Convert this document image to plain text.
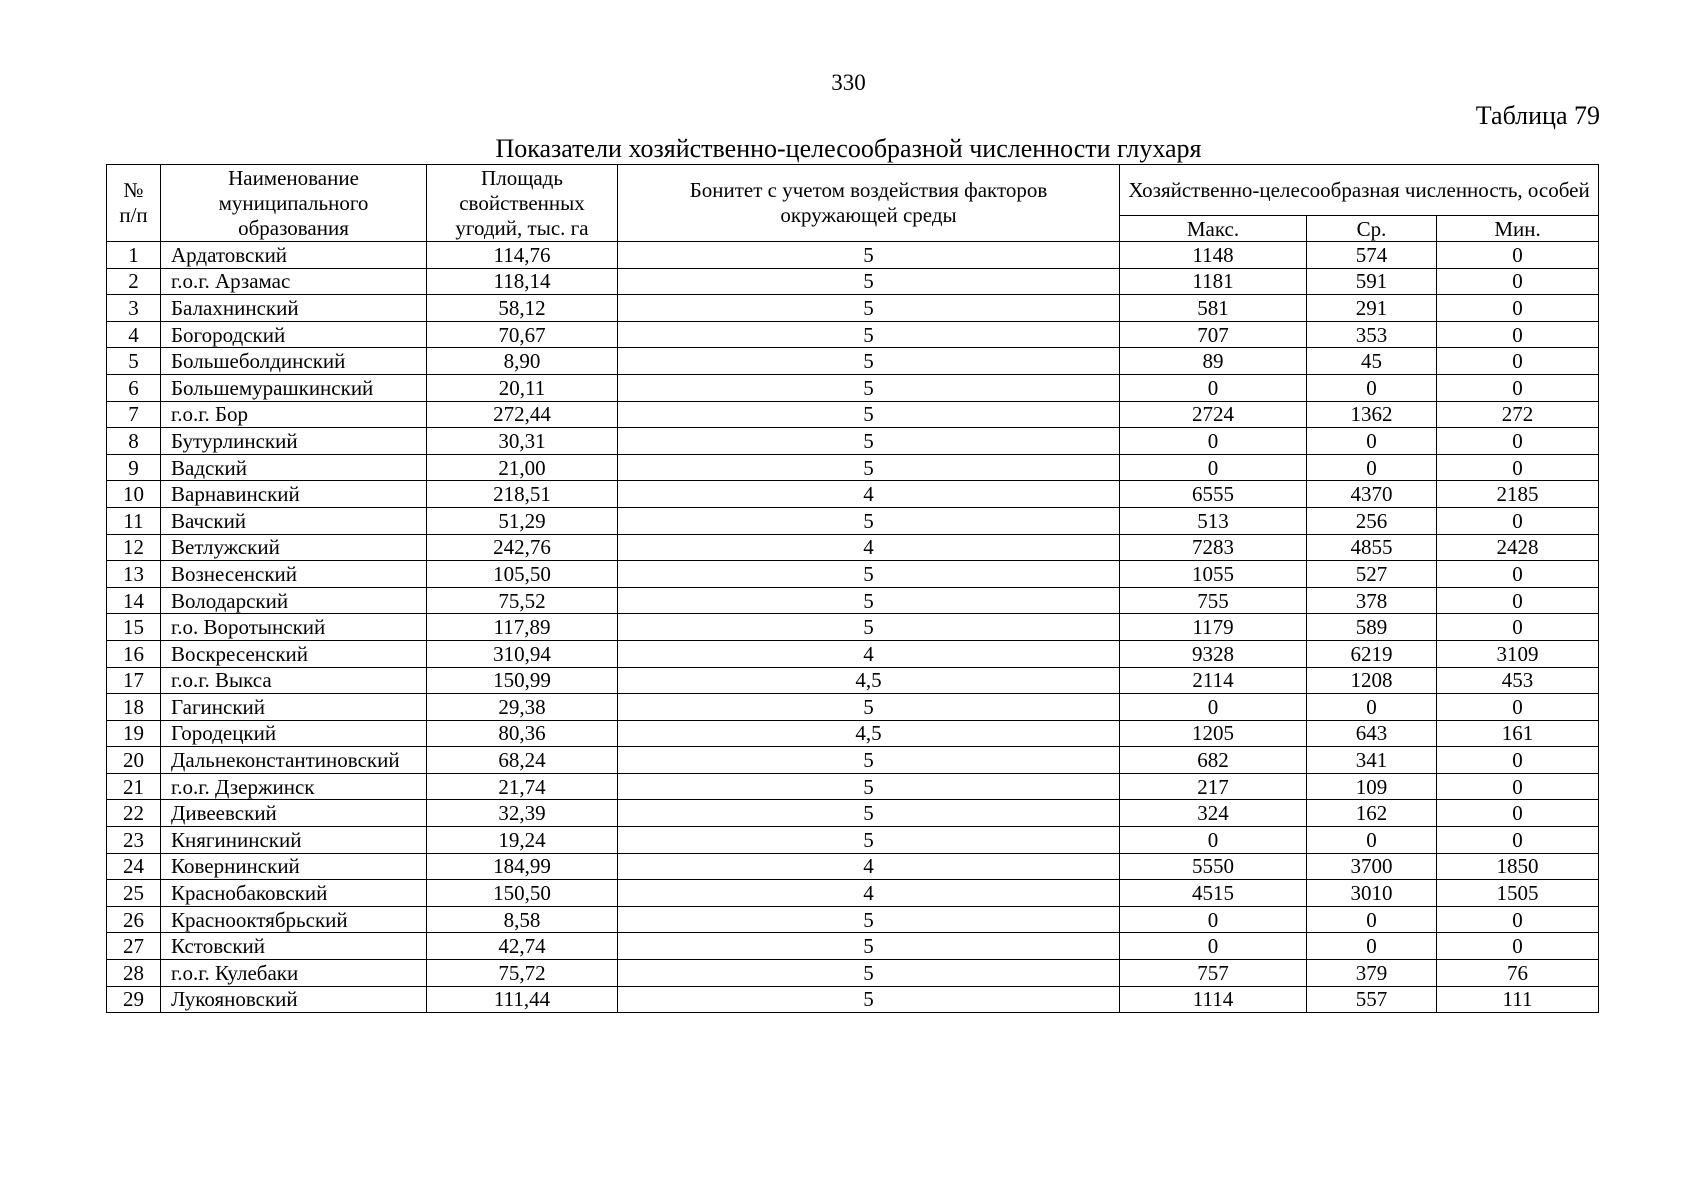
330
Таблица 79
Показатели хозяйственно-целесообразной численности глухаря
№
п/п	Наименование муниципального образования	Площадь свойственных угодий, тыс. га	Бонитет с учетом воздействия факторов окружающей среды	Хозяйственно-целесообразная численность, особей		
				Макс.	Ср.	Мин.
1	Ардатовский	114,76	5	1148	574	0
2	г.о.г. Арзамас	118,14	5	1181	591	0
3	Балахнинский	58,12	5	581	291	0
4	Богородский	70,67	5	707	353	0
5	Большеболдинский	8,90	5	89	45	0
6	Большемурашкинский	20,11	5	0	0	0
7	г.о.г. Бор	272,44	5	2724	1362	272
8	Бутурлинский	30,31	5	0	0	0
9	Вадский	21,00	5	0	0	0
10	Варнавинский	218,51	4	6555	4370	2185
11	Вачский	51,29	5	513	256	0
12	Ветлужский	242,76	4	7283	4855	2428
13	Вознесенский	105,50	5	1055	527	0
14	Володарский	75,52	5	755	378	0
15	г.о. Воротынский	117,89	5	1179	589	0
16	Воскресенский	310,94	4	9328	6219	3109
17	г.о.г. Выкса	150,99	4,5	2114	1208	453
18	Гагинский	29,38	5	0	0	0
19	Городецкий	80,36	4,5	1205	643	161
20	Дальнеконстантиновский	68,24	5	682	341	0
21	г.о.г. Дзержинск	21,74	5	217	109	0
22	Дивеевский	32,39	5	324	162	0
23	Княгининский	19,24	5	0	0	0
24	Ковернинский	184,99	4	5550	3700	1850
25	Краснобаковский	150,50	4	4515	3010	1505
26	Краснооктябрьский	8,58	5	0	0	0
27	Кстовский	42,74	5	0	0	0
28	г.о.г. Кулебаки	75,72	5	757	379	76
29	Лукояновский	111,44	5	1114	557	111
